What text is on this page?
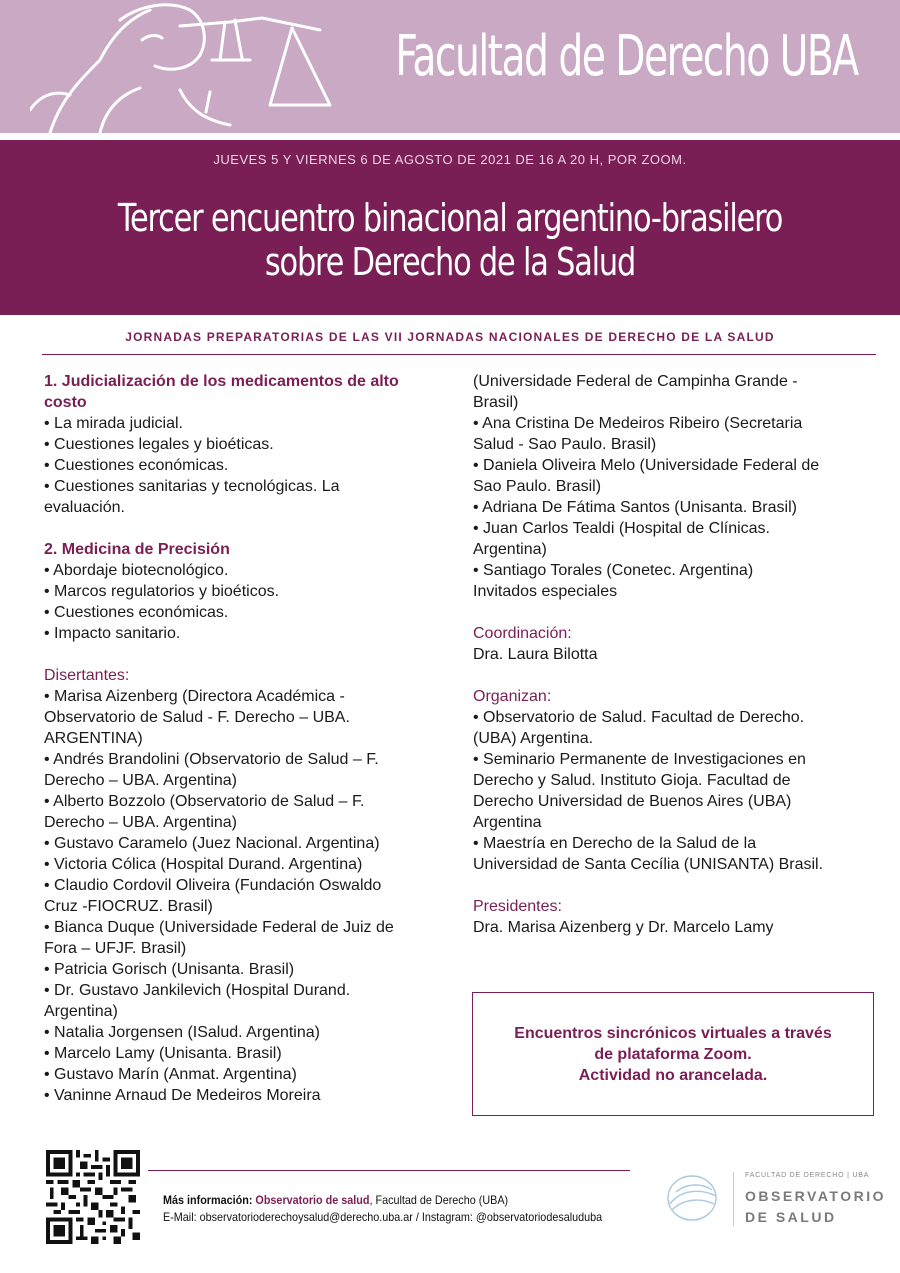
Facultad de Derecho UBA
JUEVES 5 Y VIERNES 6 DE AGOSTO DE 2021 DE 16 A 20 H, POR ZOOM.
Tercer encuentro binacional argentino-brasilero
sobre Derecho de la Salud
JORNADAS PREPARATORIAS DE LAS VII JORNADAS NACIONALES DE DERECHO DE LA SALUD
1. Judicialización de los medicamentos de alto
costo

• La mirada judicial.

• Cuestiones legales y bioéticas.

• Cuestiones económicas.

• Cuestiones sanitarias y tecnológicas. La

evaluación.

2. Medicina de Precisión

• Abordaje biotecnológico.

• Marcos regulatorios y bioéticos.

• Cuestiones económicas.

• Impacto sanitario.

Disertantes:

• Marisa Aizenberg (Directora Académica -

Observatorio de Salud - F. Derecho – UBA.

ARGENTINA)

• Andrés Brandolini (Observatorio de Salud – F.

Derecho – UBA. Argentina)

• Alberto Bozzolo (Observatorio de Salud – F.

Derecho – UBA. Argentina)

• Gustavo Caramelo (Juez Nacional. Argentina)

• Victoria Cólica (Hospital Durand. Argentina)

• Claudio Cordovil Oliveira (Fundación Oswaldo

Cruz -FIOCRUZ. Brasil)

• Bianca Duque (Universidade Federal de Juiz de

Fora – UFJF. Brasil)

• Patricia Gorisch (Unisanta. Brasil)

• Dr. Gustavo Jankilevich (Hospital Durand.

Argentina)

• Natalia Jorgensen (ISalud. Argentina)

• Marcelo Lamy (Unisanta. Brasil)

• Gustavo Marín (Anmat. Argentina)

• Vaninne Arnaud De Medeiros Moreira

(Universidade Federal de Campinha Grande -

Brasil)

• Ana Cristina De Medeiros Ribeiro (Secretaria

Salud - Sao Paulo. Brasil)

• Daniela Oliveira Melo (Universidade Federal de

Sao Paulo. Brasil)

• Adriana De Fátima Santos (Unisanta. Brasil)

• Juan Carlos Tealdi (Hospital de Clínicas.

Argentina)

• Santiago Torales (Conetec. Argentina)

Invitados especiales

Coordinación:

Dra. Laura Bilotta

Organizan:

• Observatorio de Salud. Facultad de Derecho.

(UBA) Argentina.

• Seminario Permanente de Investigaciones en

Derecho y Salud. Instituto Gioja. Facultad de

Derecho Universidad de Buenos Aires (UBA)

Argentina

• Maestría en Derecho de la Salud de la

Universidad de Santa Cecília (UNISANTA) Brasil.

Presidentes:

Dra. Marisa Aizenberg y Dr. Marcelo Lamy

Encuentros sincrónicos virtuales a través
de plataforma Zoom.
Actividad no arancelada.
Más información: Observatorio de salud, Facultad de Derecho (UBA)
E-Mail: observatorioderechoysalud@derecho.uba.ar / Instagram: @observatoriodesaluduba
FACULTAD DE DERECHO | UBA
OBSERVATORIO
DE SALUD
